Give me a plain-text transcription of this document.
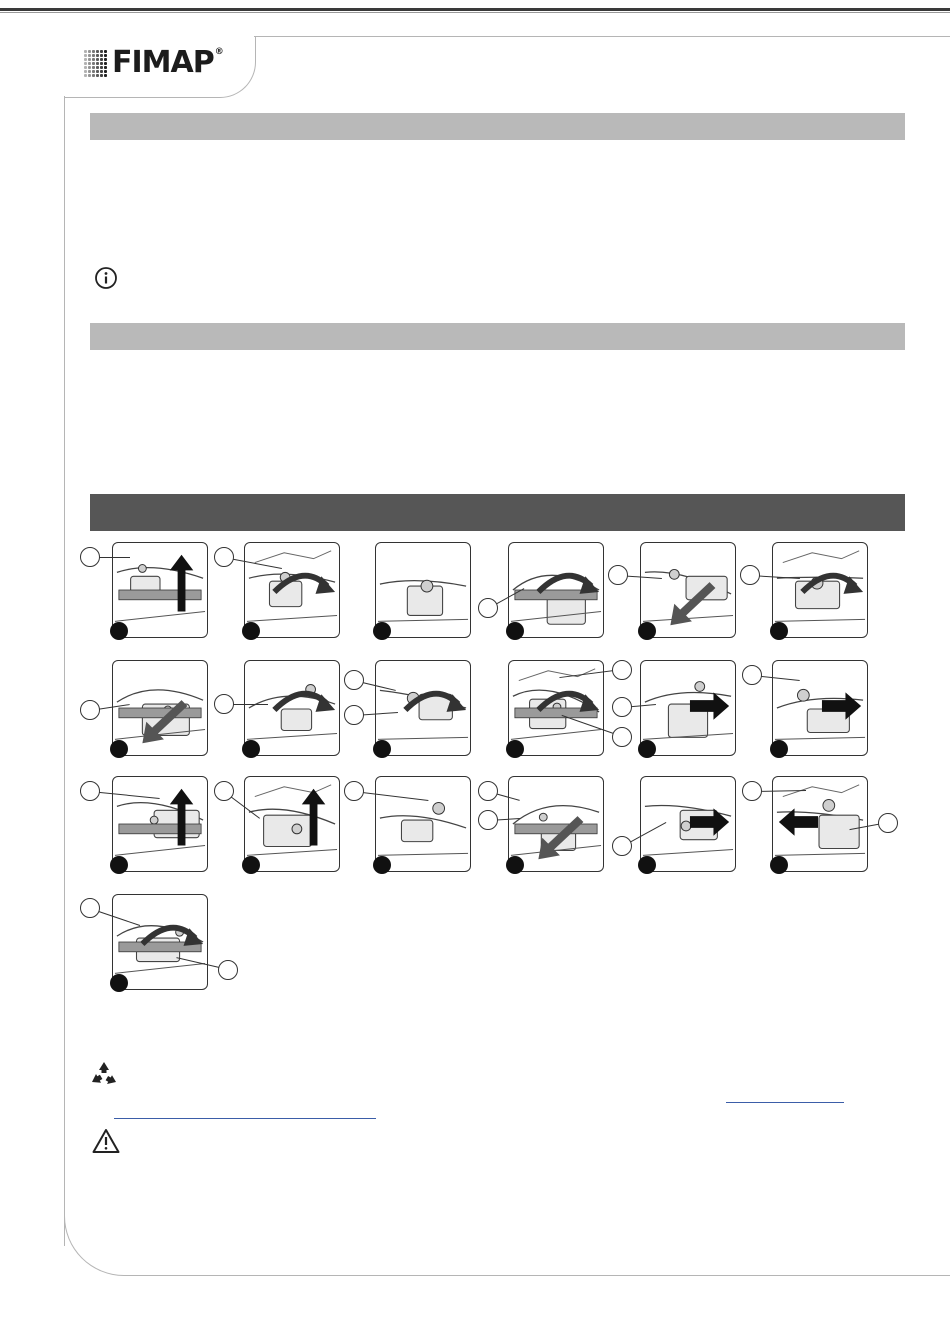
FIMAP®
